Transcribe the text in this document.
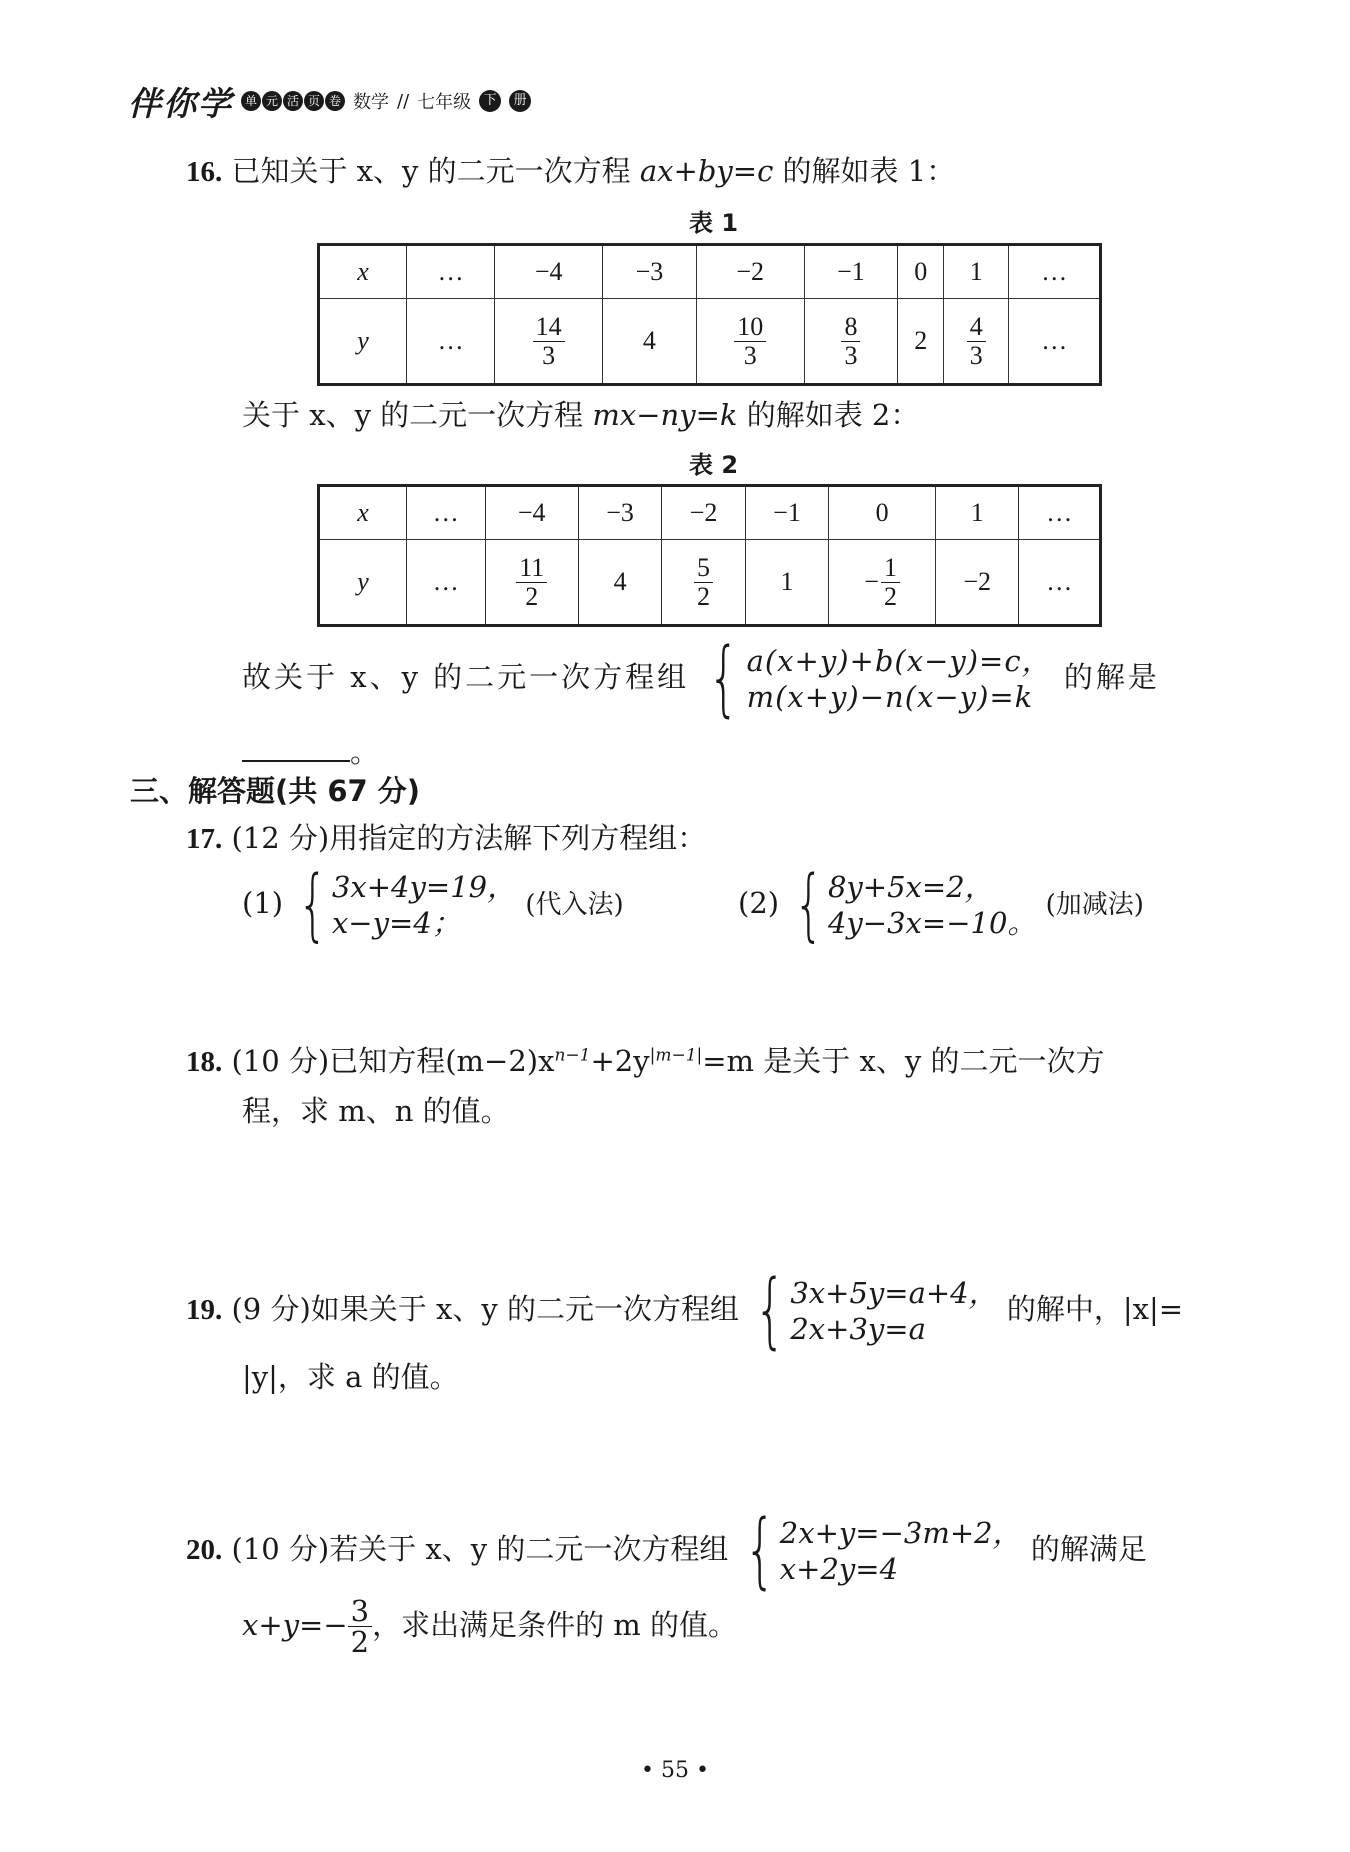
伴你学 单 元 活 页 卷 数学 // 七年级 下	册
16. 已知关于 x、y 的二元一次方程 ax+by=c 的解如表 1：
表 1
x	…	−4	−3	−2	−1	0	1	…
y	…	$\frac{14}{3}$	4	$\frac{10}{3}$	$\frac{8}{3}$	2	$\frac{4}{3}$	…
关于 x、y 的二元一次方程 mx−ny=k 的解如表 2：
表 2
x	…	−4	−3	−2	−1	0	1	…
y	…	$\frac{11}{2}$	4	$\frac{5}{2}$	1	− $\frac{1}{2}$	−2	…
故关于 x、y 的二元一次方程组 { a(x+y)+b(x−y)=c，
m(x+y)−n(x−y)=k
的解是
。
三、解答题(共 67 分)
17. (12 分)用指定的方法解下列方程组：
(1) { 3x+4y=19，
x−y=4；
(代入法)	(2) { 8y+5x=2，
4y−3x=−10。
(加减法)
18. (10 分)已知方程$(m-2)x^{n-1}+2y^{|m-1|}=m$ 是关于 x、y 的二元一次方
程，求 m、n 的值。
19. (9 分)如果关于 x、y 的二元一次方程组 { 3x+5y=a+4，
2x+3y=a
的解中，|x|=
|y|，求 a 的值。
20. (10 分)若关于 x、y 的二元一次方程组 { 2x+y=−3m+2，
x+2y=4
的解满足
$x+y=- \frac{3}{2}$ ，求出满足条件的 m 的值。
• 55 •
